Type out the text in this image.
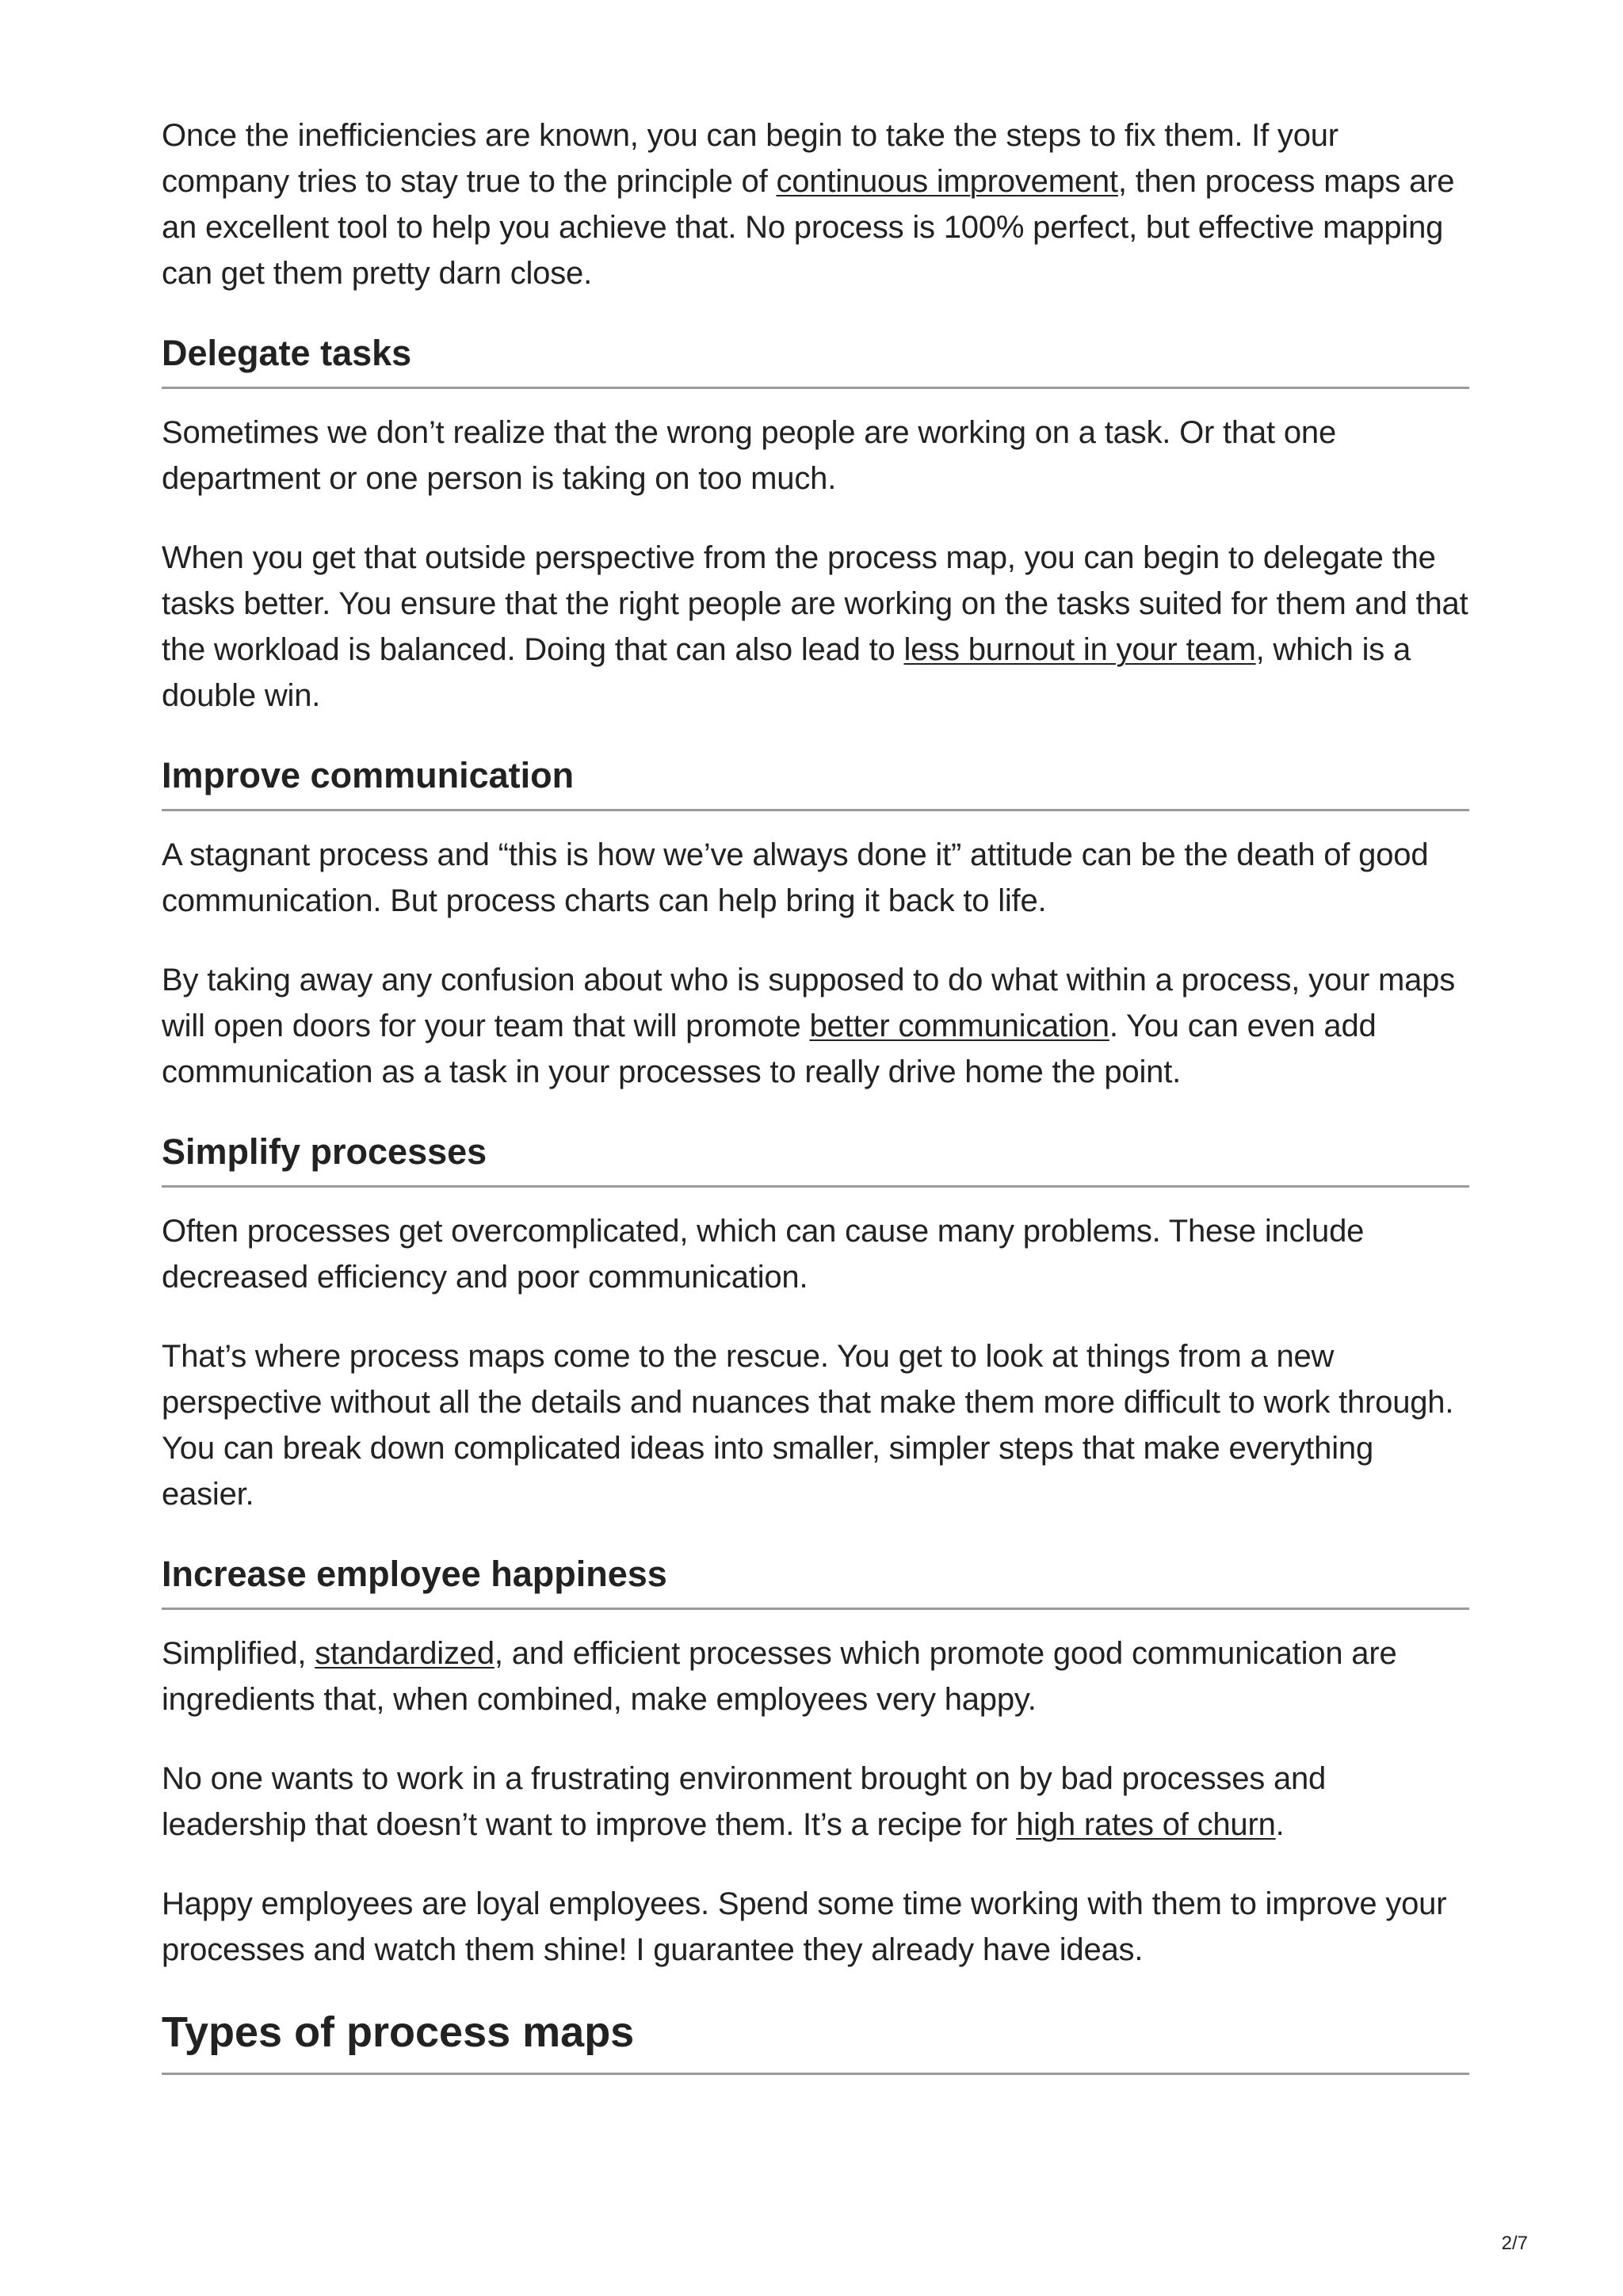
Once the inefficiencies are known, you can begin to take the steps to fix them. If your company tries to stay true to the principle of continuous improvement, then process maps are an excellent tool to help you achieve that. No process is 100% perfect, but effective mapping can get them pretty darn close.

Delegate tasks

Sometimes we don’t realize that the wrong people are working on a task. Or that one department or one person is taking on too much.

When you get that outside perspective from the process map, you can begin to delegate the tasks better. You ensure that the right people are working on the tasks suited for them and that the workload is balanced. Doing that can also lead to less burnout in your team, which is a double win.

Improve communication

A stagnant process and “this is how we’ve always done it” attitude can be the death of good communication. But process charts can help bring it back to life.

By taking away any confusion about who is supposed to do what within a process, your maps will open doors for your team that will promote better communication. You can even add communication as a task in your processes to really drive home the point.

Simplify processes

Often processes get overcomplicated, which can cause many problems. These include decreased efficiency and poor communication.

That’s where process maps come to the rescue. You get to look at things from a new perspective without all the details and nuances that make them more difficult to work through. You can break down complicated ideas into smaller, simpler steps that make everything easier.

Increase employee happiness

Simplified, standardized, and efficient processes which promote good communication are ingredients that, when combined, make employees very happy.

No one wants to work in a frustrating environment brought on by bad processes and leadership that doesn’t want to improve them. It’s a recipe for high rates of churn.

Happy employees are loyal employees. Spend some time working with them to improve your processes and watch them shine! I guarantee they already have ideas.

Types of process maps
2/7
